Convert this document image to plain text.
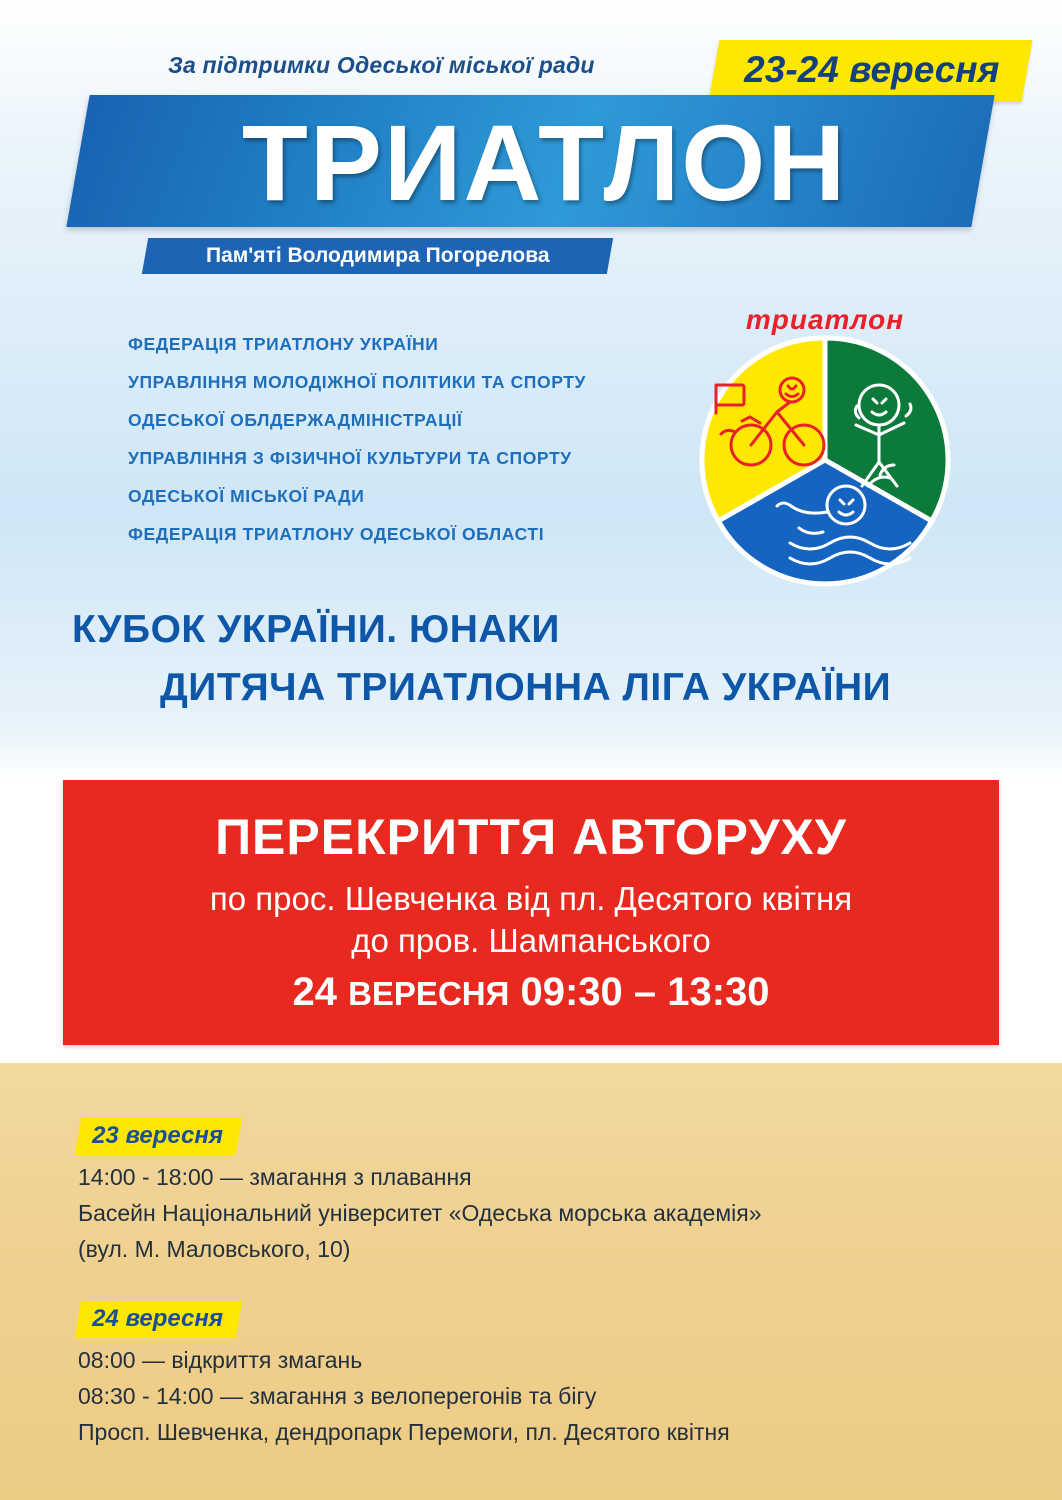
За підтримки Одеської міської ради	23-24 вересня
ТРИАТЛОН
Пам'яті Володимира Погорелова
ФЕДЕРАЦІЯ ТРИАТЛОНУ УКРАЇНИ
УПРАВЛІННЯ МОЛОДІЖНОЇ ПОЛІТИКИ ТА СПОРТУ
ОДЕСЬКОЇ ОБЛДЕРЖАДМІНІСТРАЦІЇ
УПРАВЛІННЯ З ФІЗИЧНОЇ КУЛЬТУРИ ТА СПОРТУ
ОДЕСЬКОЇ МІСЬКОЇ РАДИ
ФЕДЕРАЦІЯ ТРИАТЛОНУ ОДЕСЬКОЇ ОБЛАСТІ
триатлон
КУБОК УКРАЇНИ. ЮНАКИ
ДИТЯЧА ТРИАТЛОННА ЛІГА УКРАЇНИ
ПЕРЕКРИТТЯ АВТОРУХУ
по прос. Шевченка від пл. Десятого квітня
до пров. Шампанського
24 ВЕРЕСНЯ 09:30 – 13:30
23 вересня
14:00 - 18:00 — змагання з плавання
Басейн Національний університет «Одеська морська академія»
(вул. М. Маловського, 10)
24 вересня
08:00 — відкриття змагань
08:30 - 14:00 — змагання з велоперегонів та бігу
Просп. Шевченка, дендропарк Перемоги, пл. Десятого квітня
